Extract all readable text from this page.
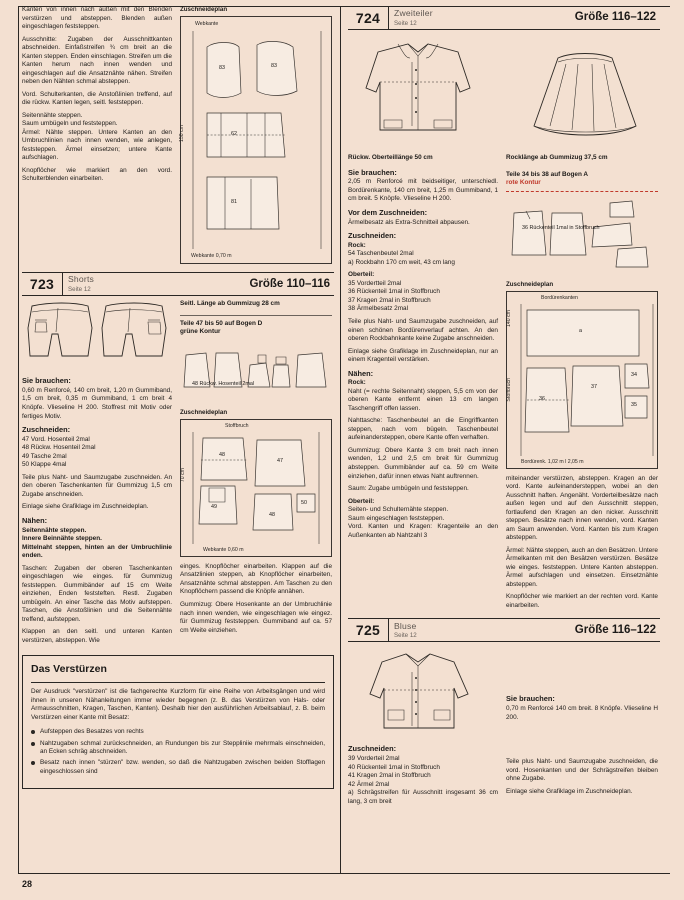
Kanten von innen nach außen mit den Blenden verstürzen und absteppen. Blenden außen eingeschlagen feststeppen.
Ausschnitte: Zugaben der Ausschnittkanten abschneiden. Einfaßstreifen ¾ cm breit an die Kanten steppen. Enden einschlagen. Streifen um die Kanten herum nach innen wenden und eingeschlagen auf die Ansatznähte nähen. Streifen neben den Nähten schmal absteppen.
Vord. Schulterkanten, die Anstoßlinien treffend, auf die rückw. Kanten legen, seitl. feststeppen.
Seitennähte steppen.
Saum umbügeln und feststeppen.
Ärmel: Nähte steppen. Untere Kanten an den Umbruchlinien nach innen wenden, wie anlegen, feststeppen. Ärmel einsetzen; untere Kante aufschlagen.
Knopflöcher wie markiert an den vord. Schulterblenden einarbeiten.
Zuschneideplan
Webkante
150 cm
83	83
62
81
Webkante 0,70 m
723	Shorts
Seite 12	Größe 110–116
Sie brauchen:
0,60 m Renforcé, 140 cm breit, 1,20 m Gummiband, 1,5 cm breit, 0,35 m Gummiband, 1 cm breit 4 Knöpfe. Vlieseline H 200. Stoffrest mit Motiv oder fertiges Motiv.
Zuschneiden:
47 Vord. Hosenteil 2mal
48 Rückw. Hosenteil 2mal
49 Tasche 2mal
50 Klappe 4mal
Teile plus Naht- und Saumzugabe zuschneiden. An den oberen Taschenkanten für Gummizug 1,5 cm Zugabe anschneiden.
Einlage siehe Grafiklage im Zuschneideplan.
Nähen:
Seitennähte steppen.
Innere Beinnähte steppen.
Mittelnaht steppen, hinten an der Umbruchlinie enden.
Taschen: Zugaben der oberen Taschenkanten eingeschlagen wie einges. für Gummizug feststeppen. Gummibänder auf 15 cm Weite einziehen, Enden feststeften. Restl. Zugaben umbügeln. An einer Tasche das Motiv aufsteppen. Taschen, die Anstoßlinien und die Seitennähte treffend, aufsteppen.
Klappen an den seitl. und unteren Kanten verstürzen, absteppen. Wie
Seitl. Länge ab Gummizug 28 cm
Teile 47 bis 50 auf Bogen D
grüne Kontur
48 Rückw. Hosenteil 2mal
Zuschneideplan
Stoffbruch
70 cm
48
49
47
48
50
Webkante 0,60 m
einges. Knopflöcher einarbeiten. Klappen auf die Ansatzlinien steppen, ab Knopflöcher einarbeiten, Ansatznähte schmal absteppen. Am Taschen zu den Knopflöchern passend die Knöpfe annähen.
Gummizug: Obere Hosenkante an der Umbruchlinie nach innen wenden, wie eingeschlagen wie eingez. für Gummizug feststeppen. Gummiband auf ca. 57 cm Weite einziehen.
Das Verstürzen
Der Ausdruck "verstürzen" ist die fachgerechte Kurzform für eine Reihe von Arbeitsgängen und wird ihnen in unseren Nähanleitungen immer wieder begegnen (z. B. das Verstürzen von Hals- oder Armausschnitten, Kragen, Taschen, Kanten). Deshalb hier den ausführlichen Arbeitsablauf, z. B. beim Verstürzen einer Kante mit Besatz:
Aufsteppen des Besatzes von rechts
Nahtzugaben schmal zurückschneiden, an Rundungen bis zur Steppliniie mehrmals einschneiden, an Ecken schräg abschneiden.
Besatz nach innen "stürzen" bzw. wenden, so daß die Nahtzugaben zwischen beiden Stofflagen eingeschlossen sind
724	Zweiteiler
Seite 12	Größe 116–122
Rückw. Oberteillänge 50 cm
Sie brauchen:
2,05 m Renforcé mit beidseitiger, unterschiedl. Bordürenkante, 140 cm breit, 1,25 m Gummiband, 1 cm breit. 5 Knöpfe. Vlieseline H 200.
Vor dem Zuschneiden:
Ärmelbesatz als Extra-Schnitteil abpausen.
Zuschneiden:
Rock:
54 Taschenbeutel 2mal
a) Rockbahn 170 cm weit, 43 cm lang
Oberteil:
35 Vordertteil 2mal
36 Rückenteil 1mal in Stoffbruch
37 Kragen 2mal in Stoffbruch
38 Ärmelbesatz 2mal
Teile plus Naht- und Saumzugabe zuschneiden, auf einen schönen Bordürenverlauf achten. An den oberen Rockbahnkante keine Zugabe anschneiden.
Einlage siehe Grafiklage im Zuschneideplan, nur an einem Kragenteil verstärken.
Nähen:
Rock:
Naht (= rechte Seitennaht) steppen, 5,5 cm von der oberen Kante entfernt einen 13 cm langen Taschengriff offen lassen.
Nahttasche: Taschenbeutel an die Eingriffkanten steppen, nach vorn bügeln. Taschenbeutel aufeinandersteppen, obere Kante offen verhaften.
Gummizug: Obere Kante 3 cm breit nach innen wenden, 1,2 und 2,5 cm breit für Gummizug absteppen. Gummibänder auf ca. 59 cm Weite einziehen, dafür innen etwas Naht auftrennen.
Saum: Zugabe umbügeln und feststeppen.
Oberteil:
Seiten- und Schulternähte steppen.
Saum eingeschlagen feststeppen.
Vord. Kanten und Kragen: Kragenteile an den Außenkanten ab Nahtzahl 3
Rocklänge ab Gummizug 37,5 cm
Teile 34 bis 38 auf Bogen A
rote Kontur
36 Rückenteil 1mal in Stoffbruch
Zuschneideplan
Bordürenkanten
140 cm
Stoffbruch
a
36
37
34
35
Bordürenk. 1,02 m l 2,05 m
miteinander verstürzen, absteppen. Kragen an der vord. Kante aufeinandersteppen, wobei an den Ausschnitt haften. Angenäht. Vorderteilbesätze nach außen legen und auf den Ausschnitt steppen, fortlaufend den Kragen an den nicker. Ausschnitt steppen. Besätze nach innen wenden, vord. Kanten am Saum anwenden. Vord. Kanten bis zum Kragen absteppen.
Ärmel: Nähte steppen, auch an den Besätzen. Untere Ärmelkanten mit den Besätzen verstürzen. Besätze wie einges. feststeppen. Untere Kanten absteppen. Ärmel aufschlagen und einsetzen. Einsetznähte absteppen.
Knopflöcher wie markiert an der rechten vord. Kante einarbeiten.
725	Bluse
Seite 12	Größe 116–122
Zuschneiden:
39 Vorderteil 2mal
40 Rückenteil 1mal in Stoffbruch
41 Kragen 2mal in Stoffbruch
42 Ärmel 2mal
a) Schrägstreifen für Ausschnitt insgesamt 36 cm lang, 3 cm breit
Sie brauchen:
0,70 m Renforcé 140 cm breit. 8 Knöpfe. Vlieseline H 200.
Teile plus Naht- und Saumzugabe zuschneiden, die vord. Hosenkanten und der Schrägstreifen bleiben ohne Zugabe.
Einlage siehe Grafiklage im Zuschneideplan.
28
